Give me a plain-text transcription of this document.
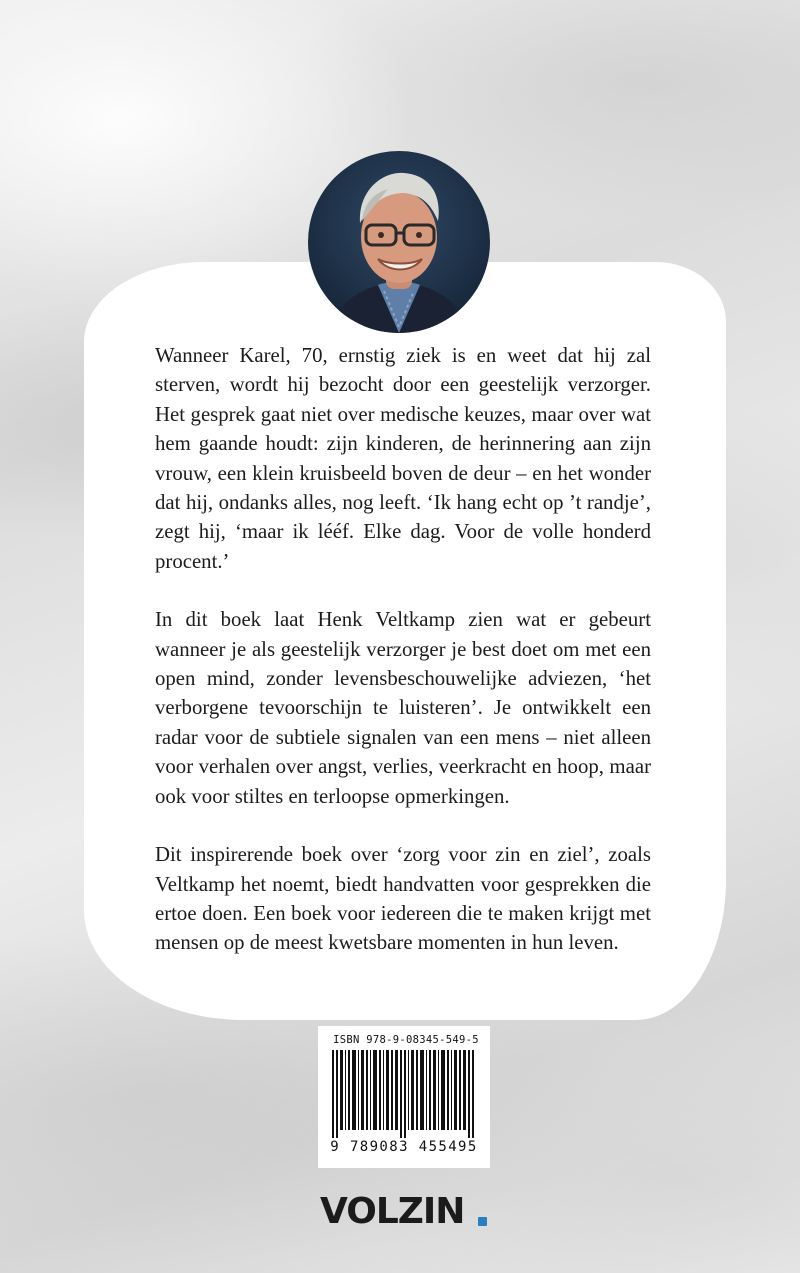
Wanneer Karel, 70, ernstig ziek is en weet dat hij zal sterven, wordt hij bezocht door een geestelijk verzorger. Het gesprek gaat niet over medische keuzes, maar over wat hem gaande houdt: zijn kinderen, de herinnering aan zijn vrouw, een klein kruisbeeld boven de deur – en het wonder dat hij, ondanks alles, nog leeft. ‘Ik hang echt op ’t randje’, zegt hij, ‘maar ik lééf. Elke dag. Voor de volle honderd procent.’

In dit boek laat Henk Veltkamp zien wat er gebeurt wanneer je als geestelijk verzorger je best doet om met een open mind, zonder levensbeschouwelijke adviezen, ‘het verborgene tevoorschijn te luisteren’. Je ontwikkelt een radar voor de subtiele signalen van een mens – niet alleen voor verhalen over angst, verlies, veerkracht en hoop, maar ook voor stiltes en terloopse opmerkingen.

Dit inspirerende boek over ‘zorg voor zin en ziel’, zoals Veltkamp het noemt, biedt handvatten voor gesprekken die ertoe doen. Een boek voor iedereen die te maken krijgt met mensen op de meest kwetsbare momenten in hun leven.

ISBN 978-9-08345-549-5
9 789083 455495
VOLZIN
